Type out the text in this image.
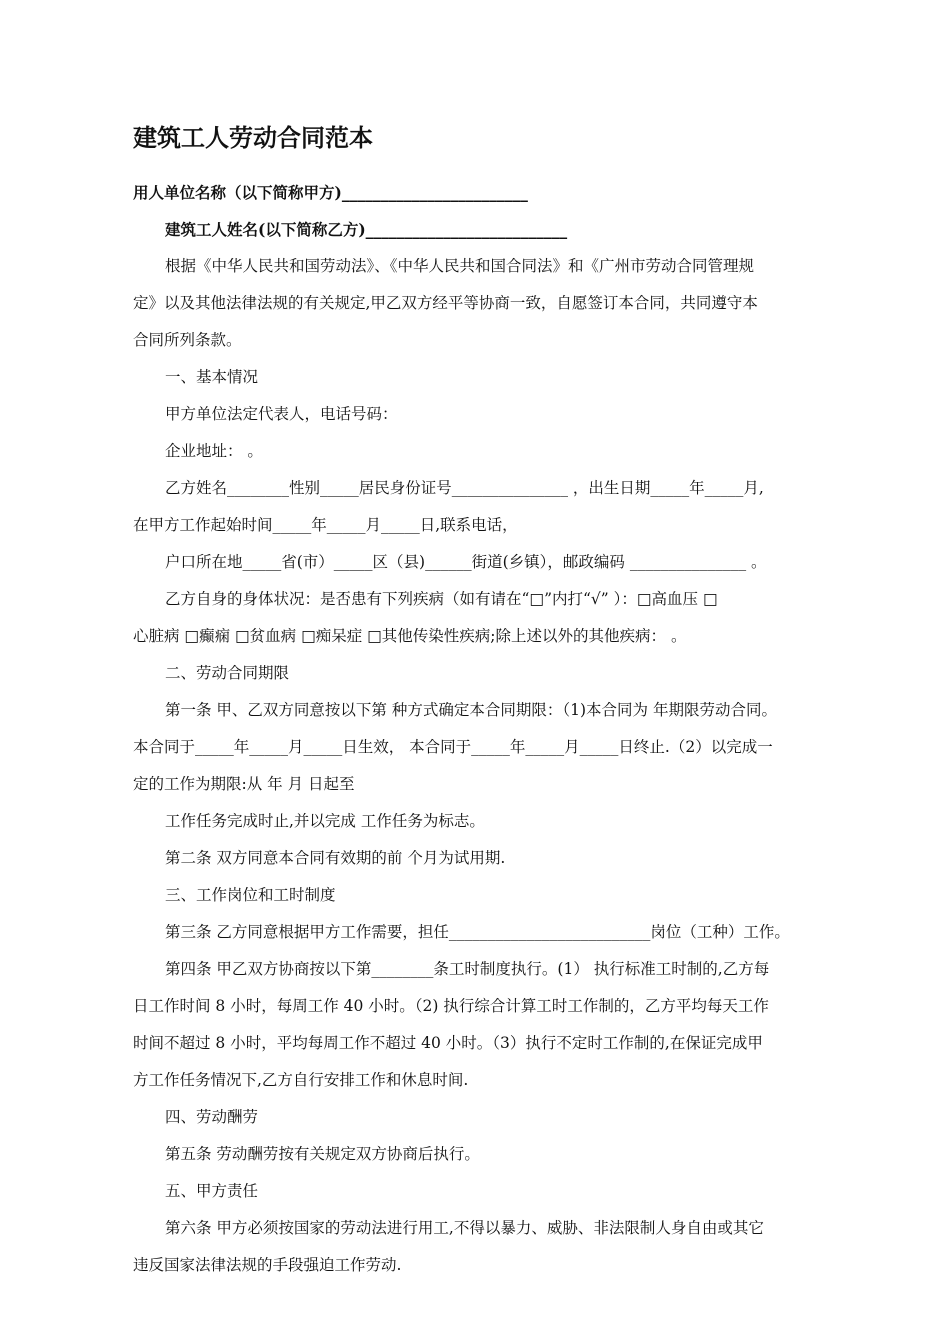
建筑工人劳动合同范本
用人单位名称（以下简称甲方)________________________
建筑工人姓名(以下简称乙方)__________________________
根据《中华人民共和国劳动法》、《中华人民共和国合同法》和《广州市劳动合同管理规
定》以及其他法律法规的有关规定,甲乙双方经平等协商一致，自愿签订本合同，共同遵守本
合同所列条款。
一、基本情况
甲方单位法定代表人，电话号码：
企业地址： 。
乙方姓名________性别_____居民身份证号_______________ ，出生日期_____年_____月,
在甲方工作起始时间_____年_____月_____日,联系电话，
户口所在地_____省(市）_____区（县)______街道(乡镇），邮政编码 _______________ 。
乙方自身的身体状况：是否患有下列疾病（如有请在“□”内打“√” ）：□高血压 □
心脏病 □癫痫 □贫血病 □痴呆症 □其他传染性疾病;除上述以外的其他疾病： 。
二、劳动合同期限
第一条 甲、乙双方同意按以下第 种方式确定本合同期限：（1)本合同为 年期限劳动合同。
本合同于_____年_____月_____日生效， 本合同于_____年_____月_____日终止.（2）以完成一
定的工作为期限:从 年 月 日起至
工作任务完成时止,并以完成 工作任务为标志。
第二条 双方同意本合同有效期的前 个月为试用期.
三、工作岗位和工时制度
第三条 乙方同意根据甲方工作需要，担任__________________________岗位（工种）工作。
第四条 甲乙双方协商按以下第________条工时制度执行。(1） 执行标准工时制的,乙方每
日工作时间 8 小时，每周工作 40 小时。（2) 执行综合计算工时工作制的，乙方平均每天工作
时间不超过 8 小时，平均每周工作不超过 40 小时。（3）执行不定时工作制的,在保证完成甲
方工作任务情况下,乙方自行安排工作和休息时间.
四、劳动酬劳
第五条 劳动酬劳按有关规定双方协商后执行。
五、甲方责任
第六条 甲方必须按国家的劳动法进行用工,不得以暴力、威胁、非法限制人身自由或其它
违反国家法律法规的手段强迫工作劳动.
